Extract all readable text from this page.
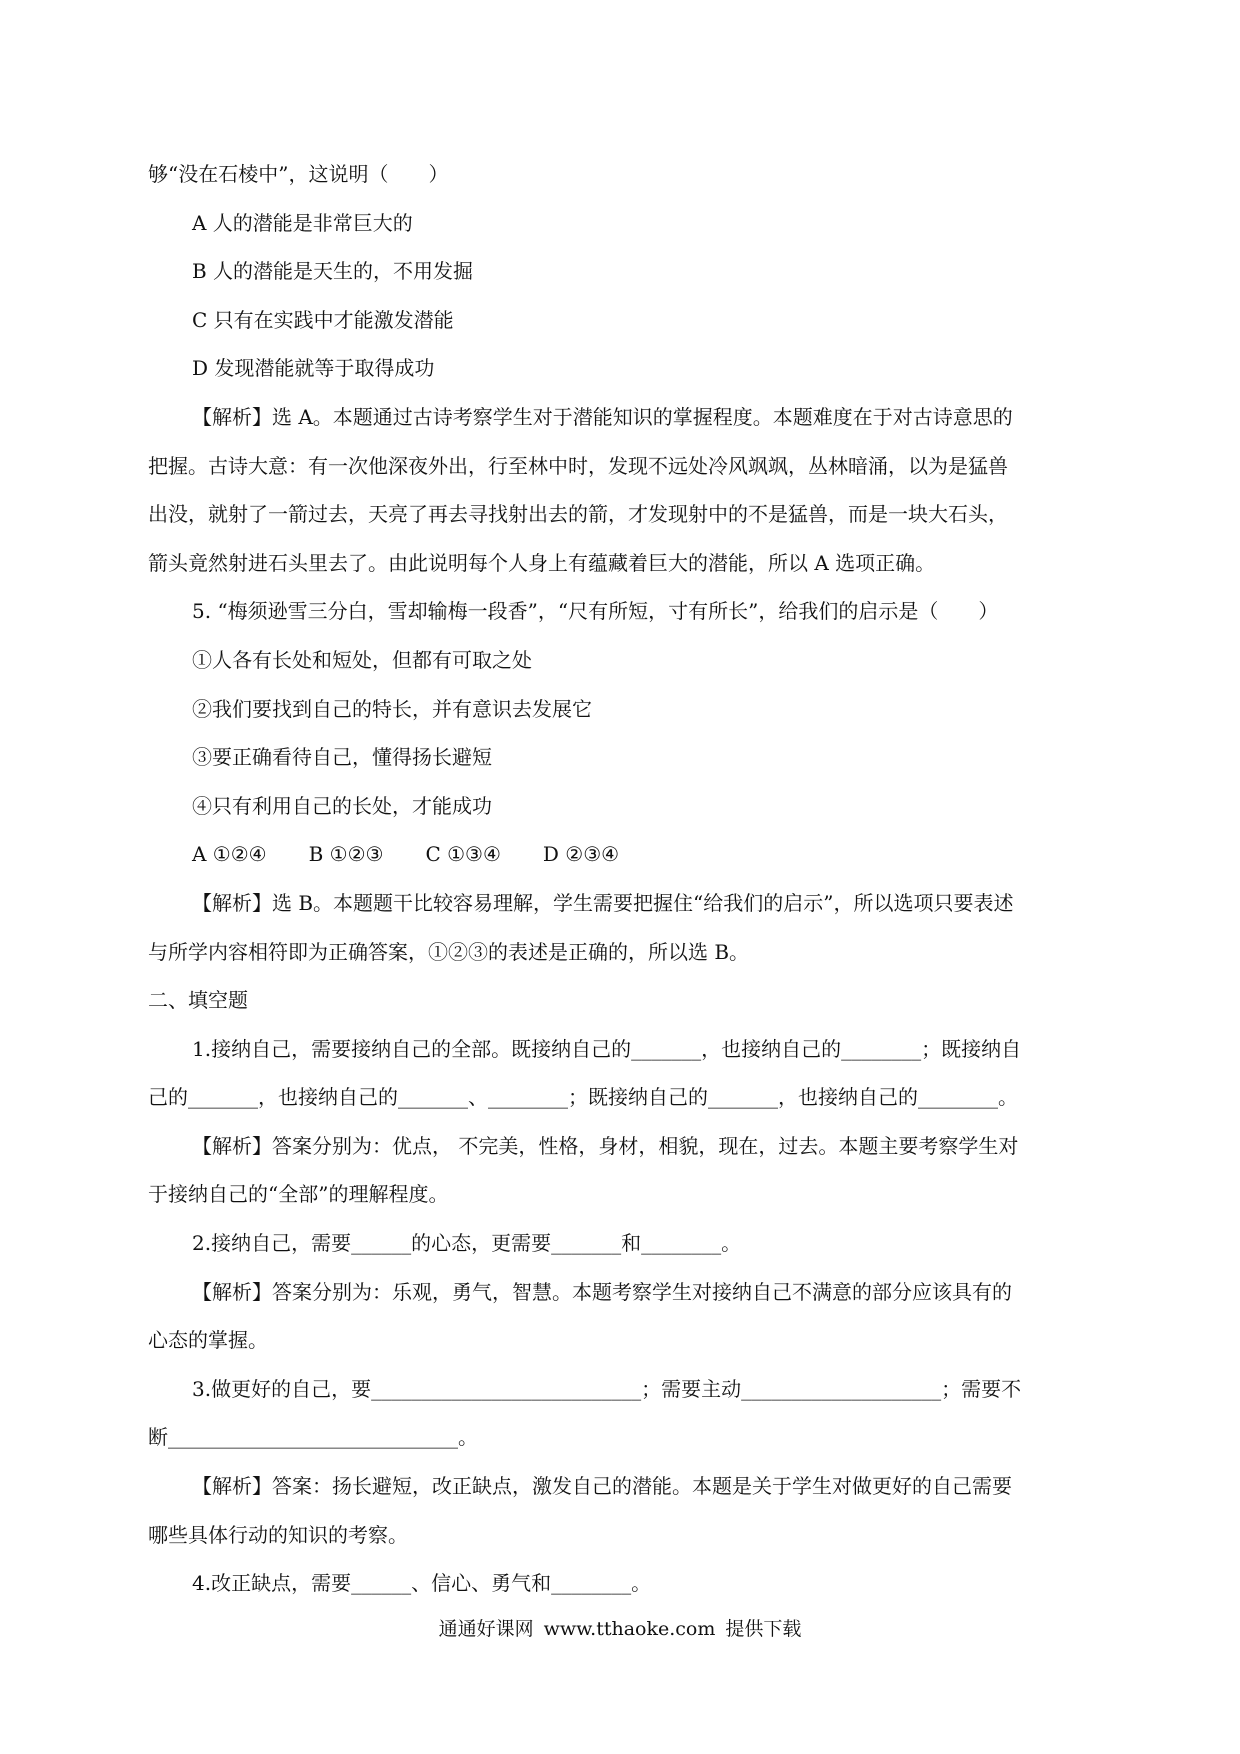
够“没在石棱中”，这说明（　　）

A 人的潜能是非常巨大的

B 人的潜能是天生的，不用发掘

C 只有在实践中才能激发潜能

D 发现潜能就等于取得成功

【解析】选 A。本题通过古诗考察学生对于潜能知识的掌握程度。本题难度在于对古诗意思的

把握。古诗大意：有一次他深夜外出，行至林中时，发现不远处冷风飒飒，丛林暗涌，以为是猛兽

出没，就射了一箭过去，天亮了再去寻找射出去的箭，才发现射中的不是猛兽，而是一块大石头，

箭头竟然射进石头里去了。由此说明每个人身上有蕴藏着巨大的潜能，所以 A 选项正确。

5. “梅须逊雪三分白，雪却输梅一段香”，“尺有所短，寸有所长”，给我们的启示是（　　）

①人各有长处和短处，但都有可取之处

②我们要找到自己的特长，并有意识去发展它

③要正确看待自己，懂得扬长避短

④只有利用自己的长处，才能成功

A ①②④ B ①②③ C ①③④ D ②③④

【解析】选 B。本题题干比较容易理解，学生需要把握住“给我们的启示”，所以选项只要表述

与所学内容相符即为正确答案，①②③的表述是正确的，所以选 B。

二、填空题

1.接纳自己，需要接纳自己的全部。既接纳自己的_______，也接纳自己的________；既接纳自

己的_______，也接纳自己的_______、________；既接纳自己的_______，也接纳自己的________。

【解析】答案分别为：优点， 不完美，性格，身材，相貌，现在，过去。本题主要考察学生对

于接纳自己的“全部”的理解程度。

2.接纳自己，需要______的心态，更需要_______和________。

【解析】答案分别为：乐观，勇气，智慧。本题考察学生对接纳自己不满意的部分应该具有的

心态的掌握。

3.做更好的自己，要___________________________；需要主动____________________；需要不

断_____________________________。

【解析】答案：扬长避短，改正缺点，激发自己的潜能。本题是关于学生对做更好的自己需要

哪些具体行动的知识的考察。

4.改正缺点，需要______、信心、勇气和________。

通通好课网 www.tthaoke.com 提供下载
